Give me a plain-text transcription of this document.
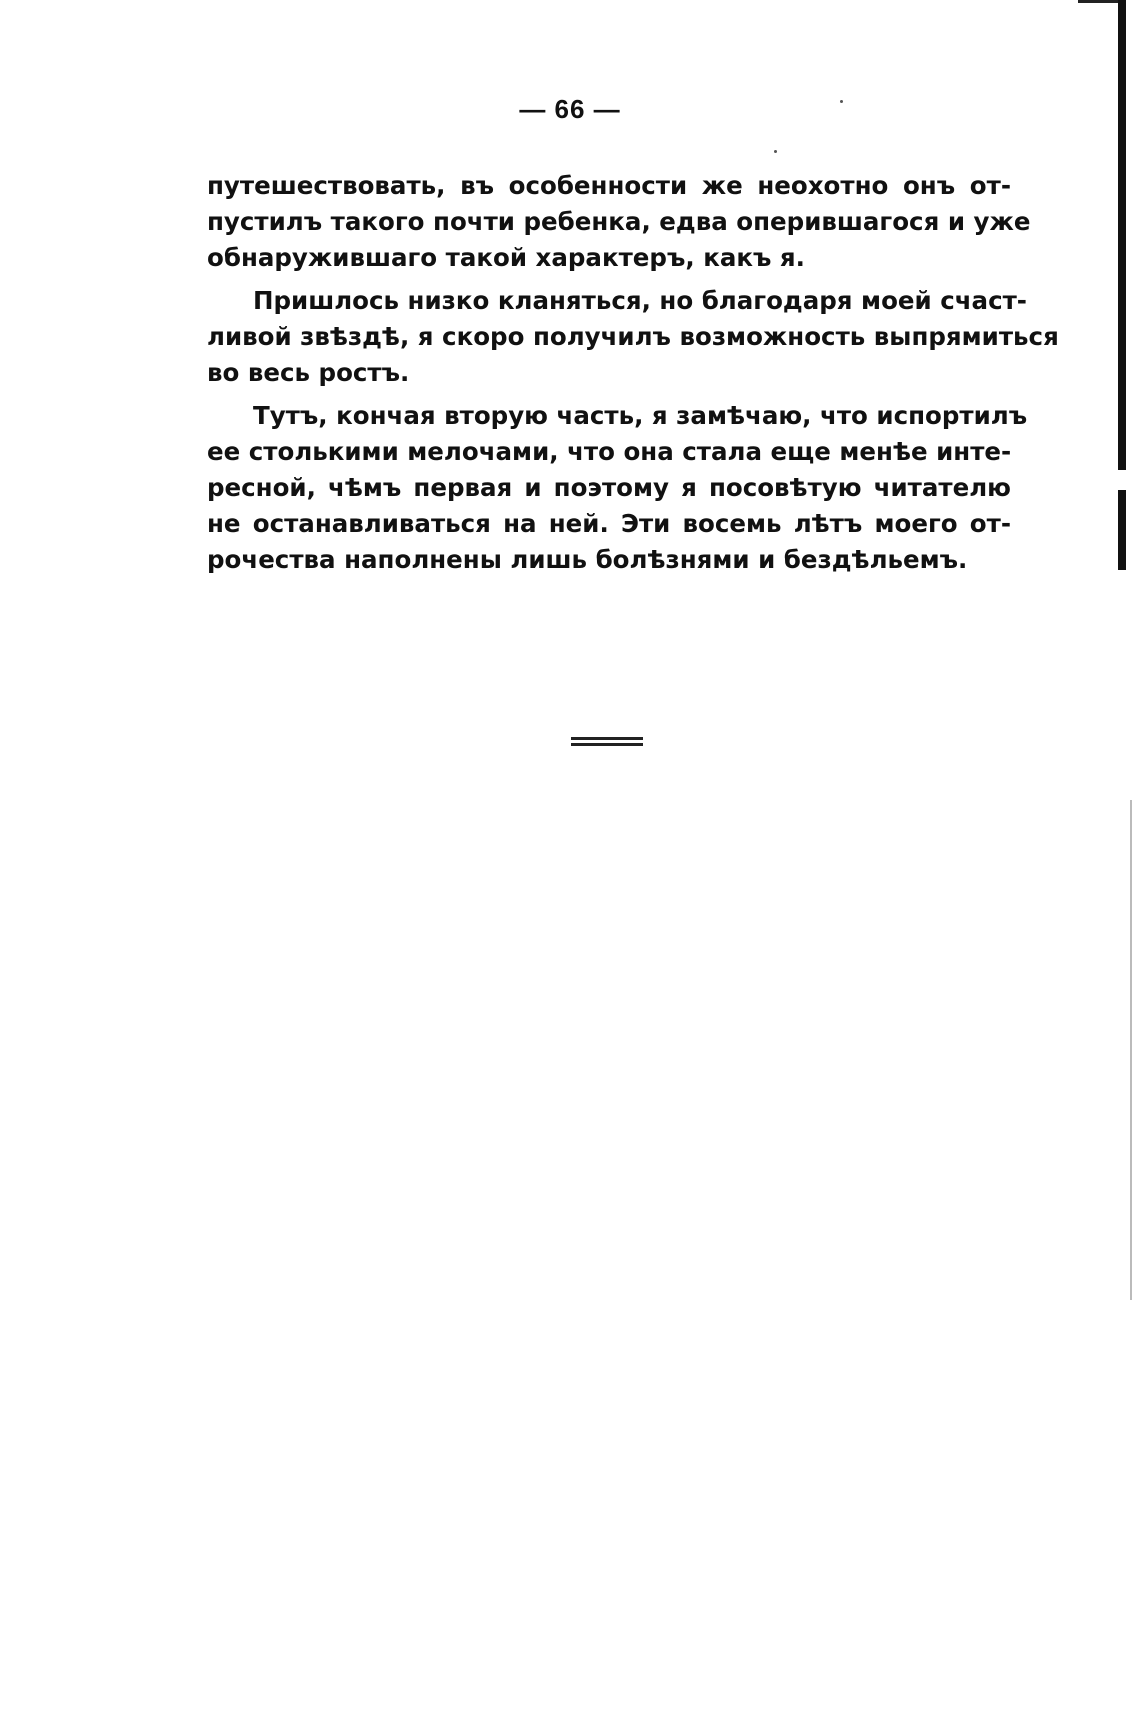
— 66 —
путешествовать, въ особенности же неохотно онъ от-
пустилъ такого почти ребенка, едва оперившагося и уже
обнаружившаго такой характеръ, какъ я.
Пришлось низко кланяться, но благодаря моей счаст-
ливой звѣздѣ, я скоро получилъ возможность выпрямиться
во весь ростъ.
Тутъ, кончая вторую часть, я замѣчаю, что испортилъ
ее столькими мелочами, что она стала еще менѣе инте-
ресной, чѣмъ первая и поэтому я посовѣтую читателю
не останавливаться на ней. Эти восемь лѣтъ моего от-
рочества наполнены лишь болѣзнями и бездѣльемъ.
